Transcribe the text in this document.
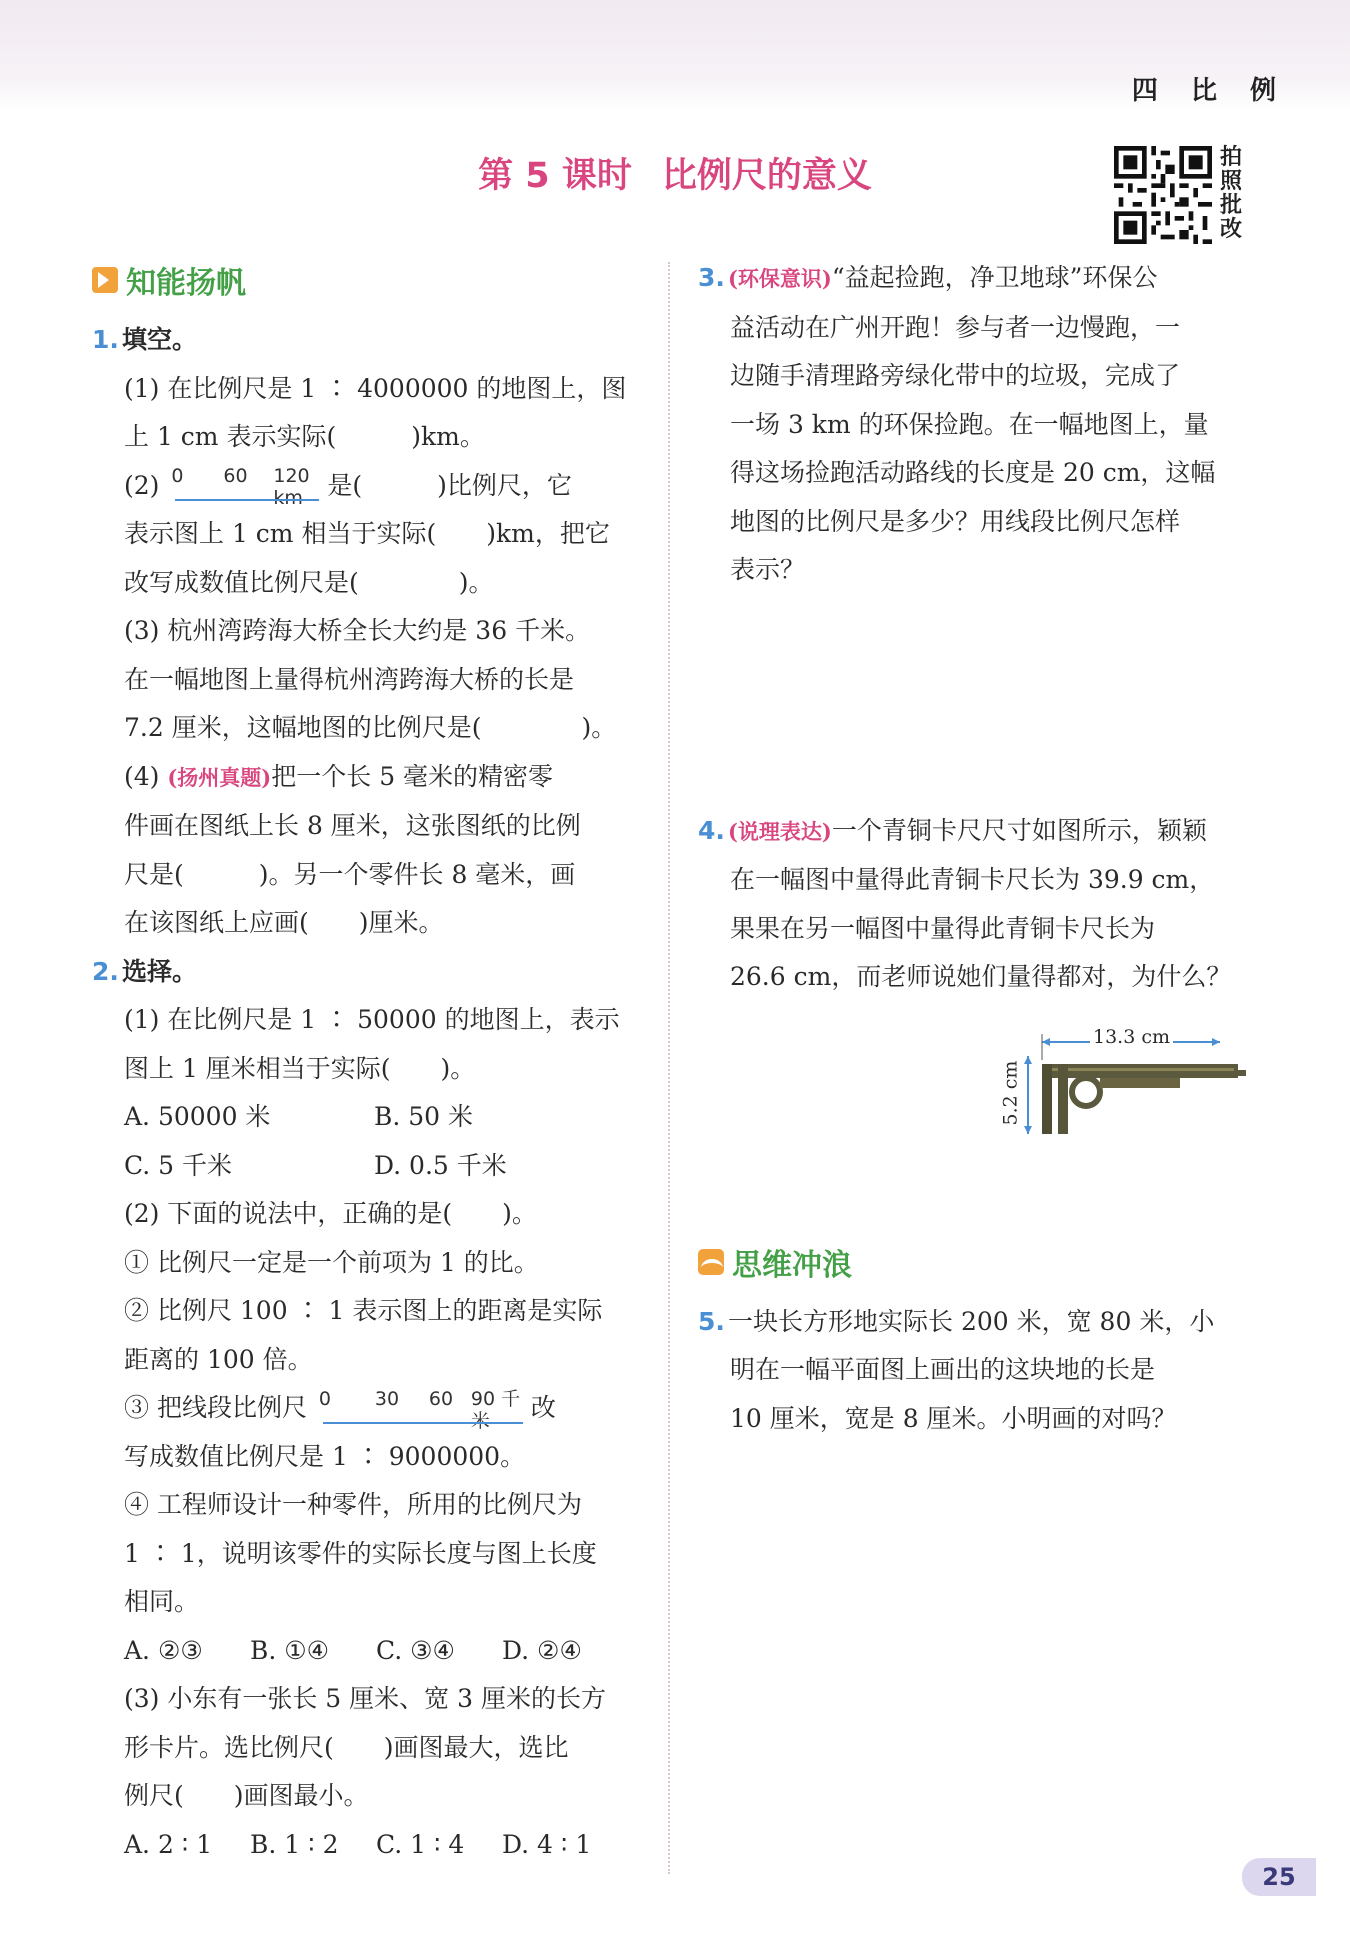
四 比 例
第 5 课时 比例尺的意义	拍
照
批
改
知能扬帆
1. 填空。
(1) 在比例尺是 1 ∶ 4000000 的地图上，图
上 1 cm 表示实际(　　　)km。
(2) 0 60 120 km 是(　　　)比例尺，它
表示图上 1 cm 相当于实际(　　)km，把它
改写成数值比例尺是(　　　　)。
(3) 杭州湾跨海大桥全长大约是 36 千米。
在一幅地图上量得杭州湾跨海大桥的长是
7.2 厘米，这幅地图的比例尺是(　　　　)。
(4) (扬州真题)把一个长 5 毫米的精密零
件画在图纸上长 8 厘米，这张图纸的比例
尺是(　　　)。另一个零件长 8 毫米，画
在该图纸上应画(　　)厘米。
2. 选择。
(1) 在比例尺是 1 ∶ 50000 的地图上，表示
图上 1 厘米相当于实际(　　)。
A. 50000 米	B. 50 米
C. 5 千米	D. 0.5 千米
(2) 下面的说法中，正确的是(　　)。
① 比例尺一定是一个前项为 1 的比。
② 比例尺 100 ∶ 1 表示图上的距离是实际
距离的 100 倍。
③ 把线段比例尺 0 30 60 90 千米	改
写成数值比例尺是 1 ∶ 9000000。
④ 工程师设计一种零件，所用的比例尺为
1 ∶ 1，说明该零件的实际长度与图上长度
相同。
A. ②③ B. ①④ C. ③④ D. ②④
(3) 小东有一张长 5 厘米、宽 3 厘米的长方
形卡片。选比例尺(　　)画图最大，选比
例尺(　　)画图最小。
A. 2 ∶ 1 B. 1 ∶ 2 C. 1 ∶ 4 D. 4 ∶ 1
3. (环保意识)“益起捡跑，净卫地球”环保公
益活动在广州开跑！参与者一边慢跑，一
边随手清理路旁绿化带中的垃圾，完成了
一场 3 km 的环保捡跑。在一幅地图上，量
得这场捡跑活动路线的长度是 20 cm，这幅
地图的比例尺是多少？用线段比例尺怎样
表示？
4. (说理表达)一个青铜卡尺尺寸如图所示，颖颖
在一幅图中量得此青铜卡尺长为 39.9 cm，
果果在另一幅图中量得此青铜卡尺长为
26.6 cm，而老师说她们量得都对，为什么？
思维冲浪
5. 一块长方形地实际长 200 米，宽 80 米，小
明在一幅平面图上画出的这块地的长是
10 厘米，宽是 8 厘米。小明画的对吗？
13.3 cm
5.2 cm
25
